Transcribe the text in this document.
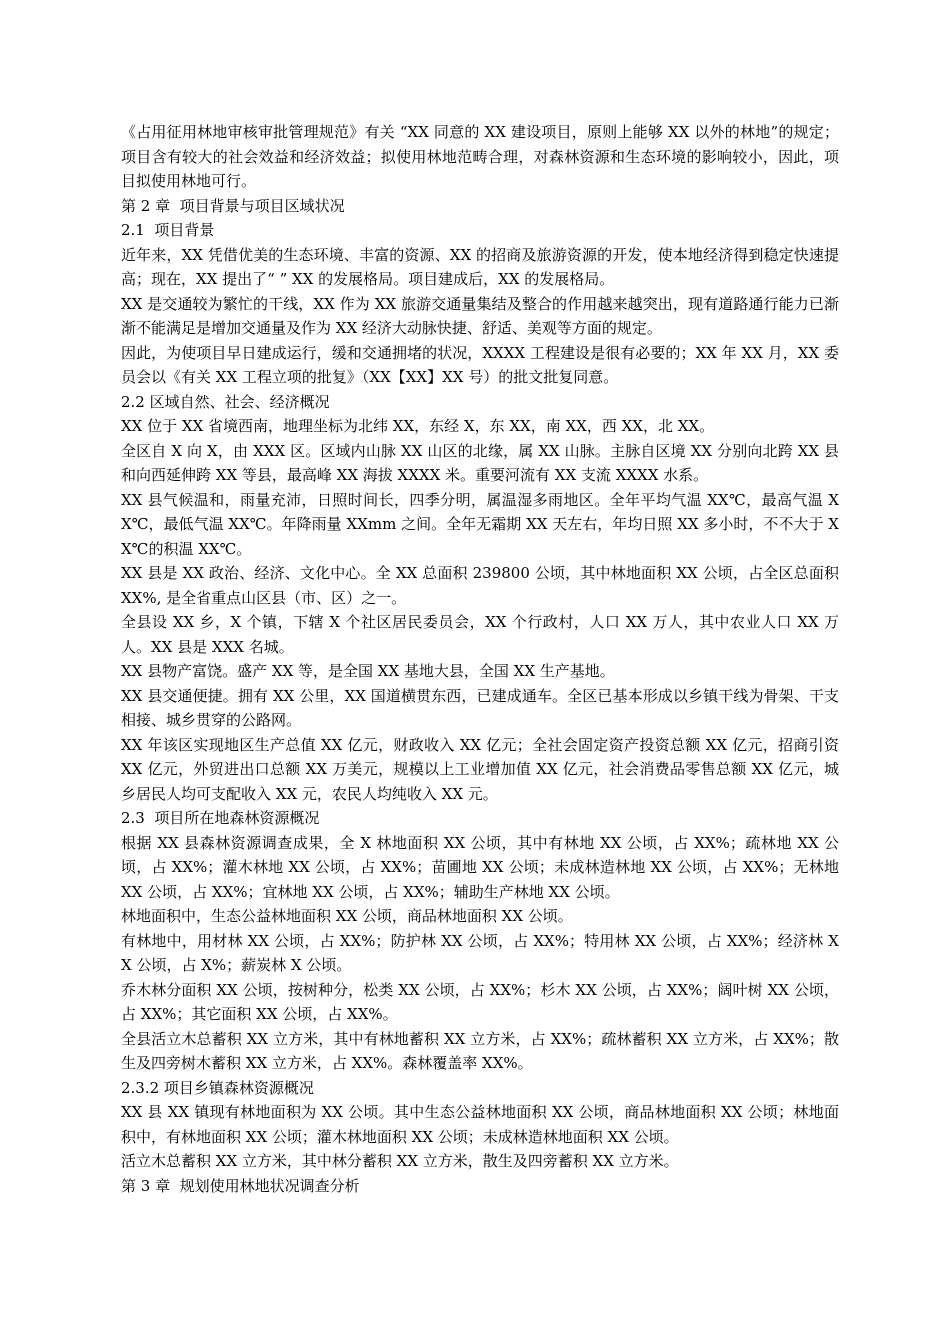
《占用征用林地审核审批管理规范》有关 “XX 同意的 XX 建设项目，原则上能够 XX 以外的林地”的规定；项目含有较大的社会效益和经济效益；拟使用林地范畴合理，对森林资源和生态环境的影响较小，因此，项目拟使用林地可行。

第 2 章  项目背景与项目区域状况

2.1  项目背景

近年来，XX 凭借优美的生态环境、丰富的资源、XX 的招商及旅游资源的开发，使本地经济得到稳定快速提高；现在，XX 提出了“ ” XX 的发展格局。项目建成后，XX 的发展格局。

XX 是交通较为繁忙的干线，XX 作为 XX 旅游交通量集结及整合的作用越来越突出，现有道路通行能力已渐渐不能满足是增加交通量及作为 XX 经济大动脉快捷、舒适、美观等方面的规定。

因此，为使项目早日建成运行，缓和交通拥堵的状况，XXXX 工程建设是很有必要的；XX 年 XX 月，XX 委员会以《有关 XX 工程立项的批复》（XX【XX】XX 号）的批文批复同意。

2.2 区域自然、社会、经济概况

XX 位于 XX 省境西南，地理坐标为北纬 XX，东经 X，东 XX，南 XX，西 XX，北 XX。

全区自 X 向 X，由 XXX 区。区域内山脉 XX 山区的北缘，属 XX 山脉。主脉自区境 XX 分别向北跨 XX 县和向西延伸跨 XX 等县，最高峰 XX 海拔 XXXX 米。重要河流有 XX 支流 XXXX 水系。

XX 县气候温和，雨量充沛，日照时间长，四季分明，属温湿多雨地区。全年平均气温 XX℃，最高气温 XX℃，最低气温 XX℃。年降雨量 XXmm 之间。全年无霜期 XX 天左右，年均日照 XX 多小时，不不大于 XX℃的积温 XX℃。

XX 县是 XX 政治、经济、文化中心。全 XX 总面积 239800 公顷，其中林地面积 XX 公顷，占全区总面积 XX%, 是全省重点山区县（市、区）之一。

全县设 XX 乡，X 个镇，下辖 X 个社区居民委员会，XX 个行政村，人口 XX 万人，其中农业人口 XX 万人。XX 县是 XXX 名城。

XX 县物产富饶。盛产 XX 等，是全国 XX 基地大县，全国 XX 生产基地。

XX 县交通便捷。拥有 XX 公里，XX 国道横贯东西，已建成通车。全区已基本形成以乡镇干线为骨架、干支相接、城乡贯穿的公路网。

XX 年该区实现地区生产总值 XX 亿元，财政收入 XX 亿元；全社会固定资产投资总额 XX 亿元，招商引资 XX 亿元，外贸进出口总额 XX 万美元，规模以上工业增加值 XX 亿元，社会消费品零售总额 XX 亿元，城乡居民人均可支配收入 XX 元，农民人均纯收入 XX 元。

2.3  项目所在地森林资源概况

根据 XX 县森林资源调查成果，全 X 林地面积 XX 公顷，其中有林地 XX 公顷，占 XX%；疏林地 XX 公顷，占 XX%；灌木林地 XX 公顷，占 XX%；苗圃地 XX 公顷；未成林造林地 XX 公顷，占 XX%；无林地 XX 公顷，占 XX%；宜林地 XX 公顷，占 XX%；辅助生产林地 XX 公顷。

林地面积中，生态公益林地面积 XX 公顷，商品林地面积 XX 公顷。

有林地中，用材林 XX 公顷，占 XX%；防护林 XX 公顷，占 XX%；特用林 XX 公顷，占 XX%；经济林 XX 公顷，占 X%；薪炭林 X 公顷。

乔木林分面积 XX 公顷，按树种分，松类 XX 公顷，占 XX%；杉木 XX 公顷，占 XX%；阔叶树 XX 公顷，占 XX%；其它面积 XX 公顷，占 XX%。

全县活立木总蓄积 XX 立方米，其中有林地蓄积 XX 立方米，占 XX%；疏林蓄积 XX 立方米，占 XX%；散生及四旁树木蓄积 XX 立方米，占 XX%。森林覆盖率 XX%。

2.3.2 项目乡镇森林资源概况

XX 县 XX 镇现有林地面积为 XX 公顷。其中生态公益林地面积 XX 公顷，商品林地面积 XX 公顷；林地面积中，有林地面积 XX 公顷；灌木林地面积 XX 公顷；未成林造林地面积 XX 公顷。

活立木总蓄积 XX 立方米，其中林分蓄积 XX 立方米，散生及四旁蓄积 XX 立方米。

第 3 章  规划使用林地状况调查分析
